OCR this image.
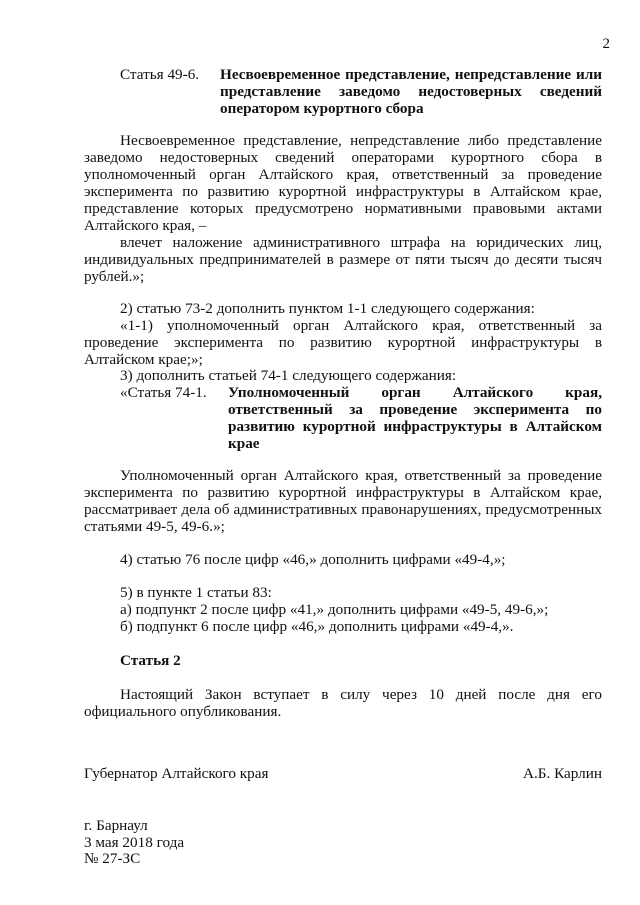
2
Статья 49-6.	Несвоевременное представление, непредставление или представление заведомо недостоверных сведений оператором курортного сбора

Несвоевременное представление, непредставление либо представление заведомо недостоверных сведений операторами курортного сбора в уполномоченный орган Алтайского края, ответственный за проведение эксперимента по развитию курортной инфраструктуры в Алтайском крае, представление которых предусмотрено нормативными правовыми актами Алтайского края, –

влечет наложение административного штрафа на юридических лиц, индивидуальных предпринимателей в размере от пяти тысяч до десяти тысяч рублей.»;

2) статью 73-2 дополнить пунктом 1-1 следующего содержания:

«1-1) уполномоченный орган Алтайского края, ответственный за проведение эксперимента по развитию курортной инфраструктуры в Алтайском крае;»;

3) дополнить статьей 74-1 следующего содержания:

«Статья 74-1.	Уполномоченный орган Алтайского края, ответственный за проведение эксперимента по развитию курортной инфраструктуры в Алтайском крае

Уполномоченный орган Алтайского края, ответственный за проведение эксперимента по развитию курортной инфраструктуры в Алтайском крае, рассматривает дела об административных правонарушениях, предусмотренных статьями 49-5, 49-6.»;

4) статью 76 после цифр «46,» дополнить цифрами «49-4,»;

5) в пункте 1 статьи 83:

а) подпункт 2 после цифр «41,» дополнить цифрами «49-5, 49-6,»;

б) подпункт 6 после цифр «46,» дополнить цифрами «49-4,».

Статья 2

Настоящий Закон вступает в силу через 10 дней после дня его официального опубликования.

Губернатор Алтайского края	А.Б. Карлин

г. Барнаул

3 мая 2018 года

№ 27-ЗС
